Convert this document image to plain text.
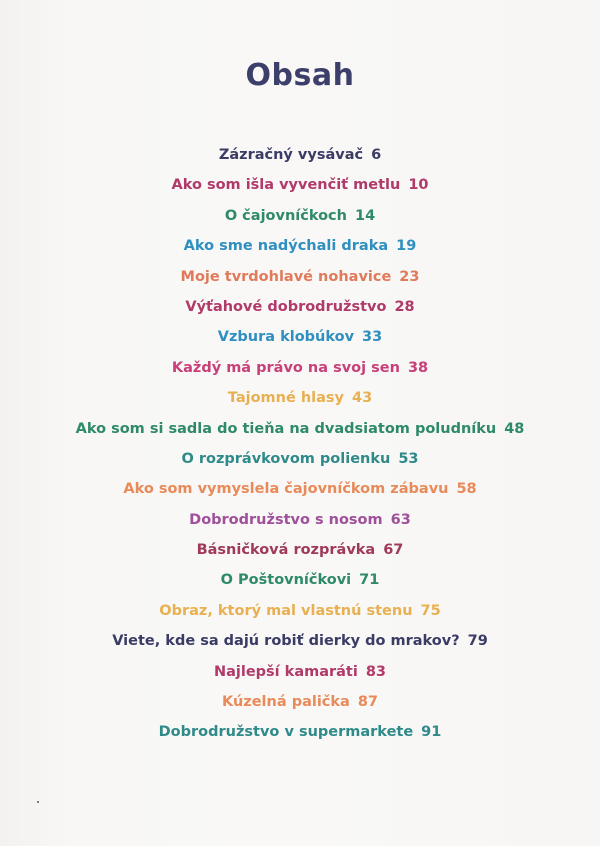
Obsah
Zázračný vysávač 6
Ako som išla vyvenčiť metlu 10
O čajovníčkoch 14
Ako sme nadýchali draka 19
Moje tvrdohlavé nohavice 23
Výťahové dobrodružstvo 28
Vzbura klobúkov 33
Každý má právo na svoj sen 38
Tajomné hlasy 43
Ako som si sadla do tieňa na dvadsiatom poludníku 48
O rozprávkovom polienku 53
Ako som vymyslela čajovníčkom zábavu 58
Dobrodružstvo s nosom 63
Básničková rozprávka 67
O Poštovníčkovi 71
Obraz, ktorý mal vlastnú stenu 75
Viete, kde sa dajú robiť dierky do mrakov? 79
Najlepší kamaráti 83
Kúzelná palička 87
Dobrodružstvo v supermarkete 91
